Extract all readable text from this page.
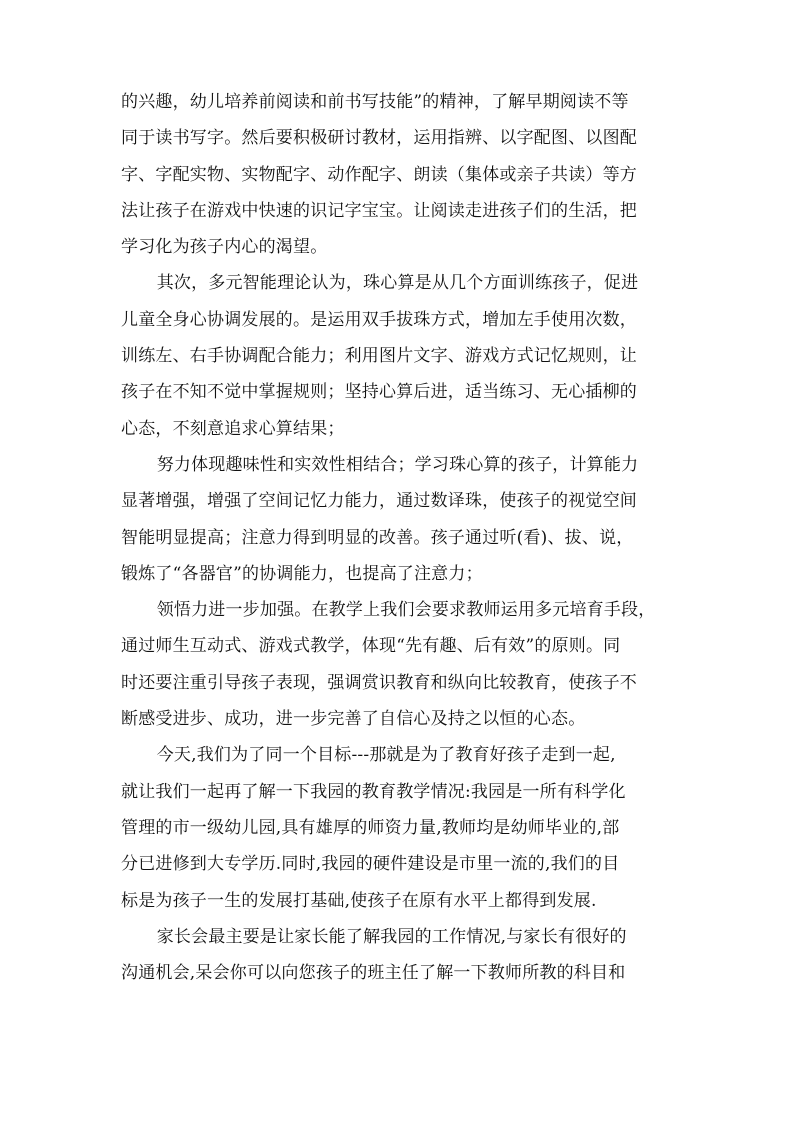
的兴趣，幼儿培养前阅读和前书写技能”的精神，了解早期阅读不等
同于读书写字。然后要积极研讨教材，运用指辨、以字配图、以图配
字、字配实物、实物配字、动作配字、朗读（集体或亲子共读）等方
法让孩子在游戏中快速的识记字宝宝。让阅读走进孩子们的生活，把
学习化为孩子内心的渴望。
其次，多元智能理论认为，珠心算是从几个方面训练孩子，促进
儿童全身心协调发展的。是运用双手拔珠方式，增加左手使用次数，
训练左、右手协调配合能力；利用图片文字、游戏方式记忆规则，让
孩子在不知不觉中掌握规则；坚持心算后进，适当练习、无心插柳的
心态，不刻意追求心算结果；
努力体现趣味性和实效性相结合；学习珠心算的孩子，计算能力
显著增强，增强了空间记忆力能力，通过数译珠，使孩子的视觉空间
智能明显提高；注意力得到明显的改善。孩子通过听(看)、拔、说，
锻炼了“各器官”的协调能力，也提高了注意力；
领悟力进一步加强。在教学上我们会要求教师运用多元培育手段，
通过师生互动式、游戏式教学，体现“先有趣、后有效”的原则。同
时还要注重引导孩子表现，强调赏识教育和纵向比较教育，使孩子不
断感受进步、成功，进一步完善了自信心及持之以恒的心态。
今天,我们为了同一个目标---那就是为了教育好孩子走到一起,
就让我们一起再了解一下我园的教育教学情况:我园是一所有科学化
管理的市一级幼儿园,具有雄厚的师资力量,教师均是幼师毕业的,部
分已进修到大专学历.同时,我园的硬件建设是市里一流的,我们的目
标是为孩子一生的发展打基础,使孩子在原有水平上都得到发展.
家长会最主要是让家长能了解我园的工作情况,与家长有很好的
沟通机会,呆会你可以向您孩子的班主任了解一下教师所教的科目和
